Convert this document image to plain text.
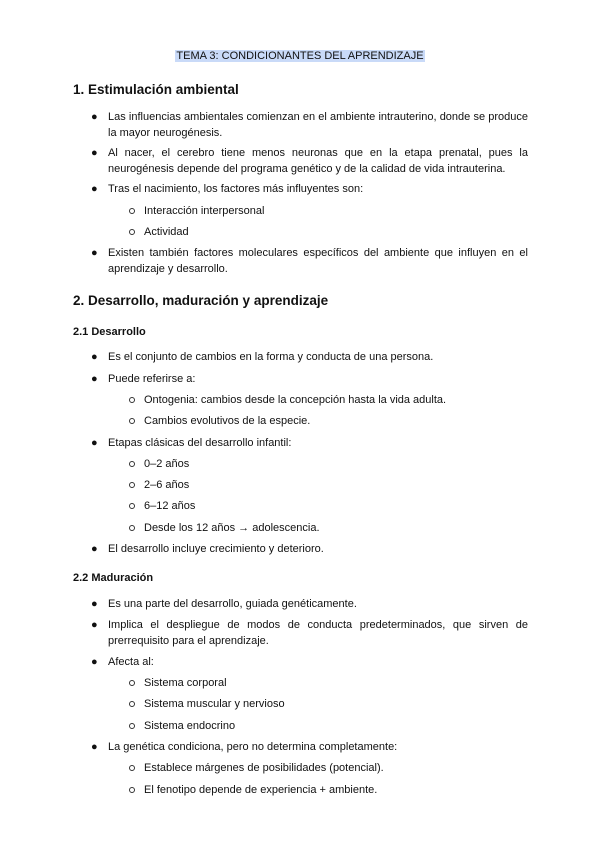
TEMA 3: CONDICIONANTES DEL APRENDIZAJE
1. Estimulación ambiental
● Las influencias ambientales comienzan en el ambiente intrauterino, donde se produce la mayor neurogénesis.
● Al nacer, el cerebro tiene menos neuronas que en la etapa prenatal, pues la neurogénesis depende del programa genético y de la calidad de vida intrauterina.
● Tras el nacimiento, los factores más influyentes son:
Interacción interpersonal
Actividad
● Existen también factores moleculares específicos del ambiente que influyen en el aprendizaje y desarrollo.
2. Desarrollo, maduración y aprendizaje
2.1 Desarrollo
● Es el conjunto de cambios en la forma y conducta de una persona.
● Puede referirse a:
Ontogenia: cambios desde la concepción hasta la vida adulta.
Cambios evolutivos de la especie.
● Etapas clásicas del desarrollo infantil:
0–2 años
2–6 años
6–12 años
Desde los 12 años → adolescencia.
● El desarrollo incluye crecimiento y deterioro.
2.2 Maduración
● Es una parte del desarrollo, guiada genéticamente.
● Implica el despliegue de modos de conducta predeterminados, que sirven de prerrequisito para el aprendizaje.
● Afecta al:
Sistema corporal
Sistema muscular y nervioso
Sistema endocrino
● La genética condiciona, pero no determina completamente:
Establece márgenes de posibilidades (potencial).
El fenotipo depende de experiencia + ambiente.
